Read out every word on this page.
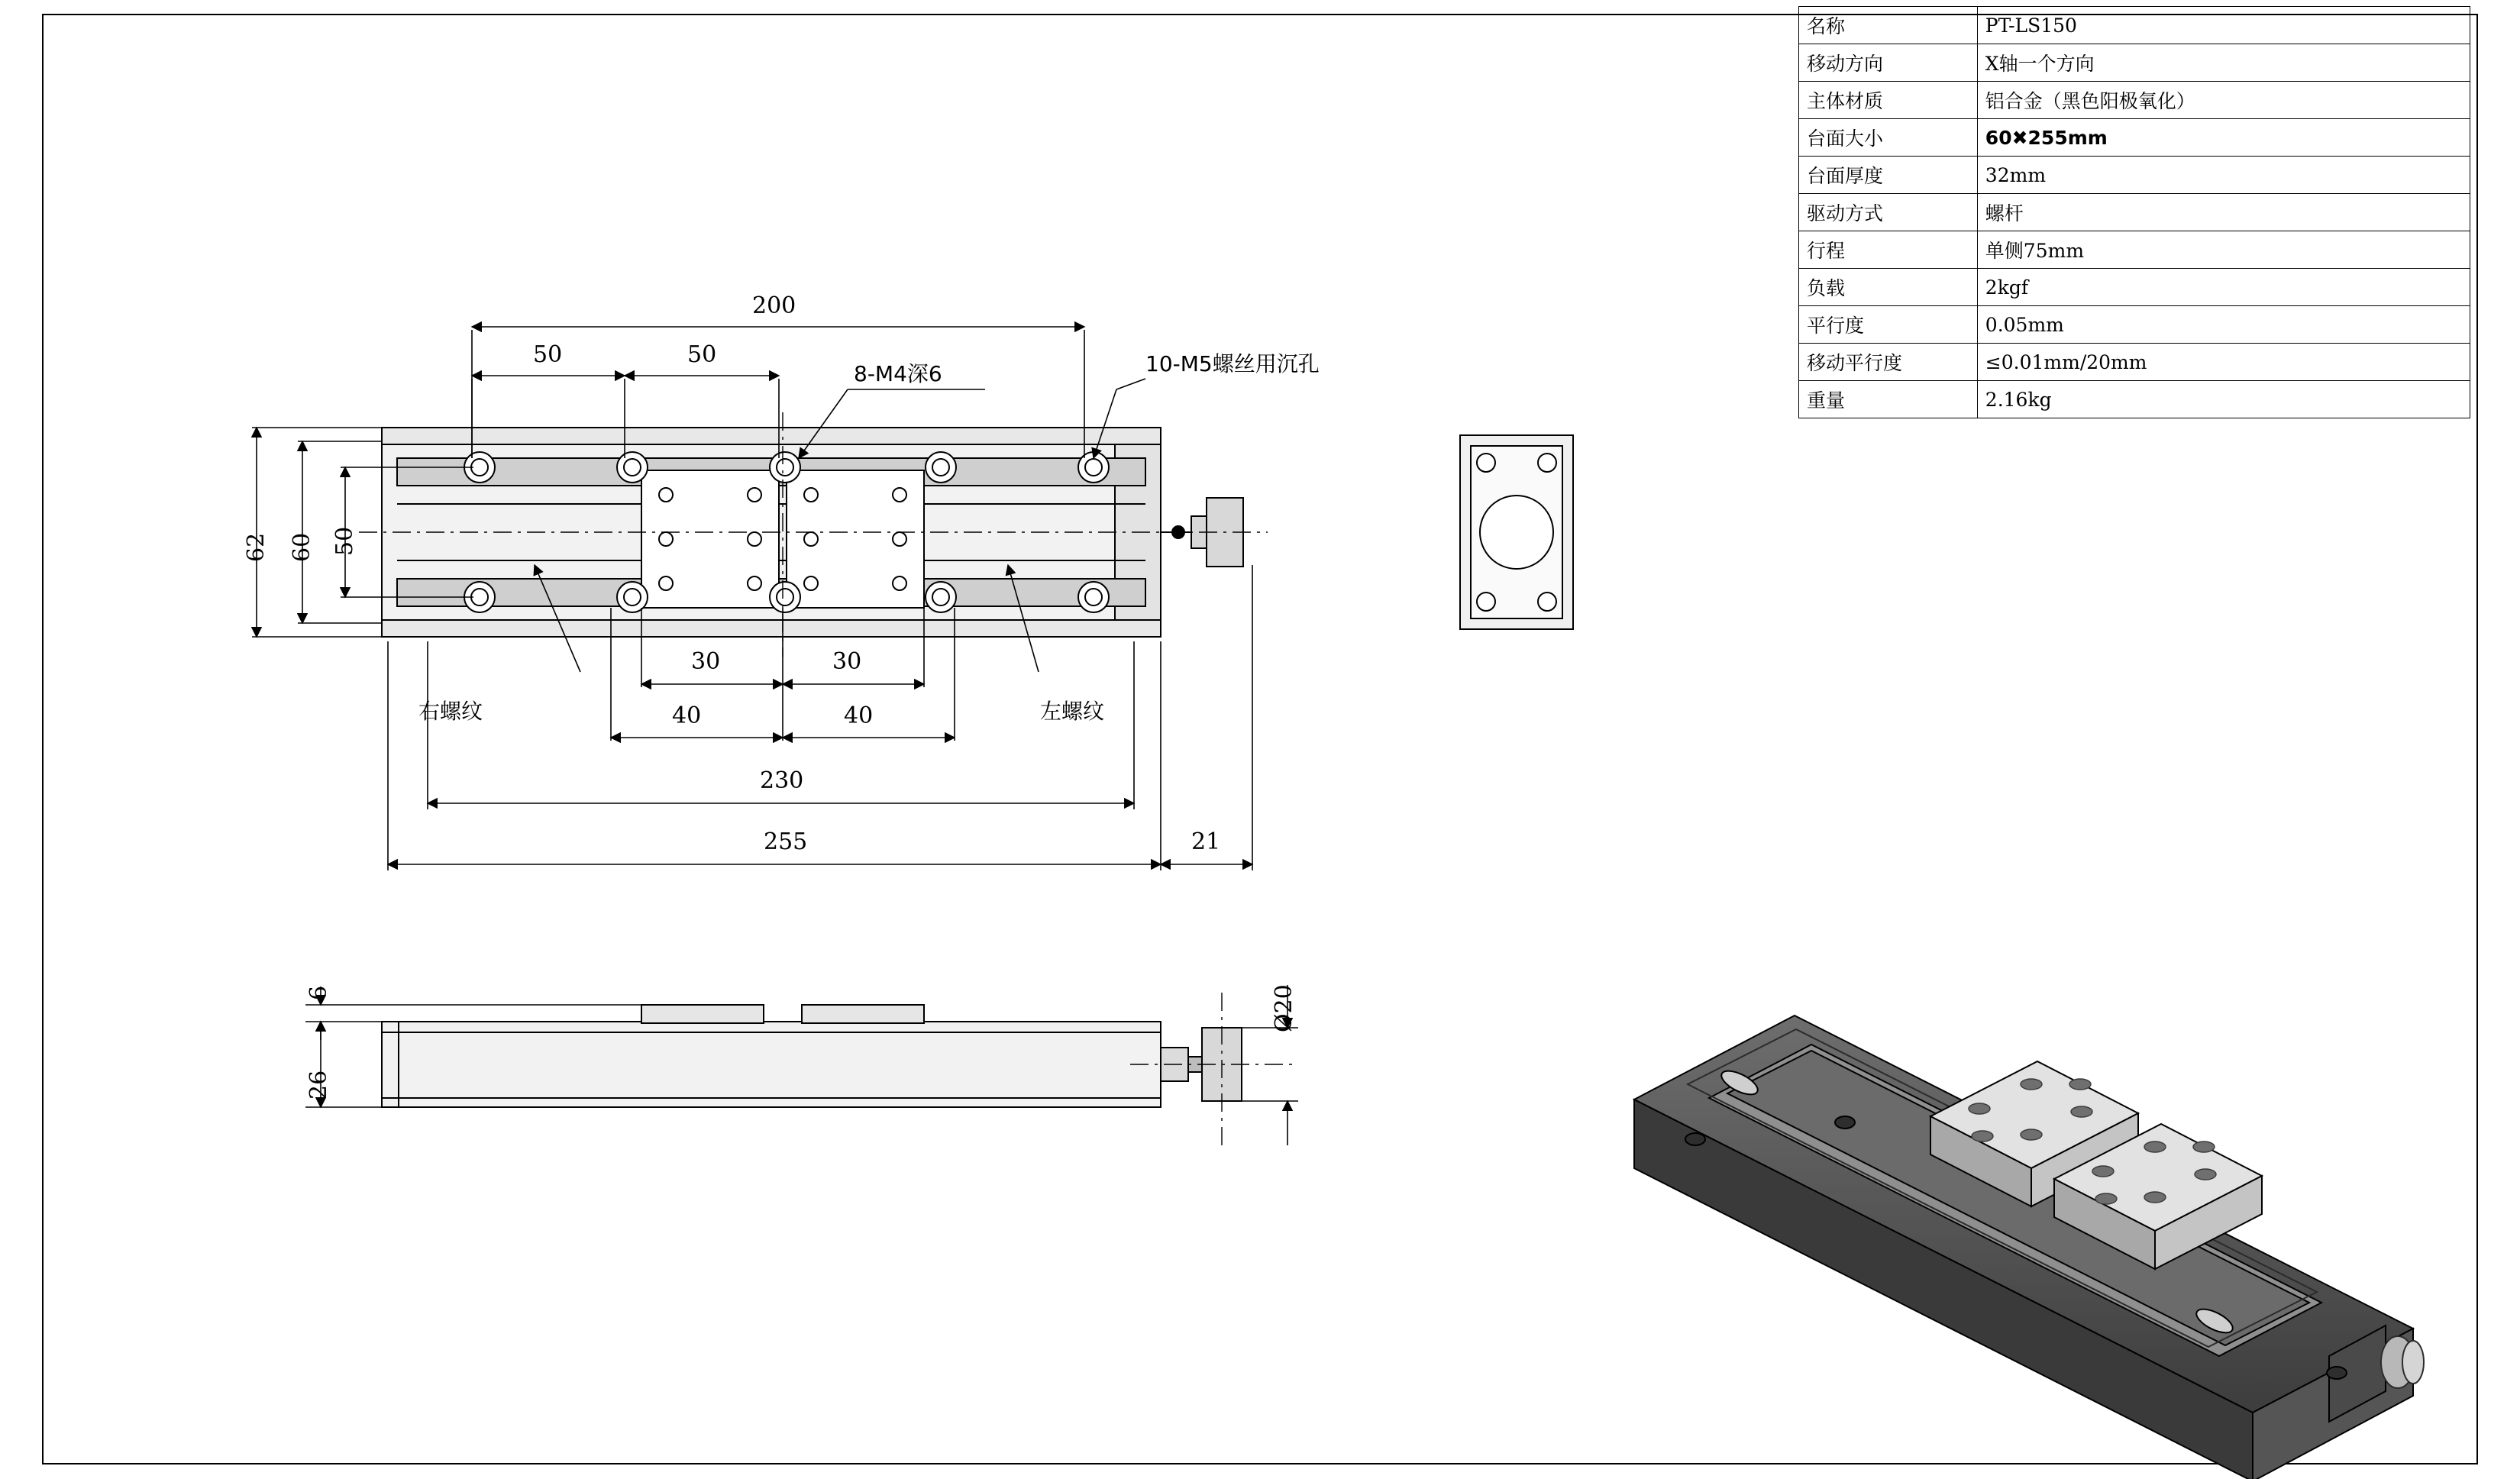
名称	PT-LS150
移动方向	X轴一个方向
主体材质	铝合金（黑色阳极氧化）
台面大小	60✖255mm
台面厚度	32mm
驱动方式	螺杆
行程	单侧75mm
负载	2kgf
平行度	0.05mm
移动平行度	≤0.01mm/20mm
重量	2.16kg
200
50	50
62 60 50
30	30
40	40
230
255	21
8-M4深6	10-M5螺丝用沉孔
右螺纹	左螺纹
6
26
Ø20
